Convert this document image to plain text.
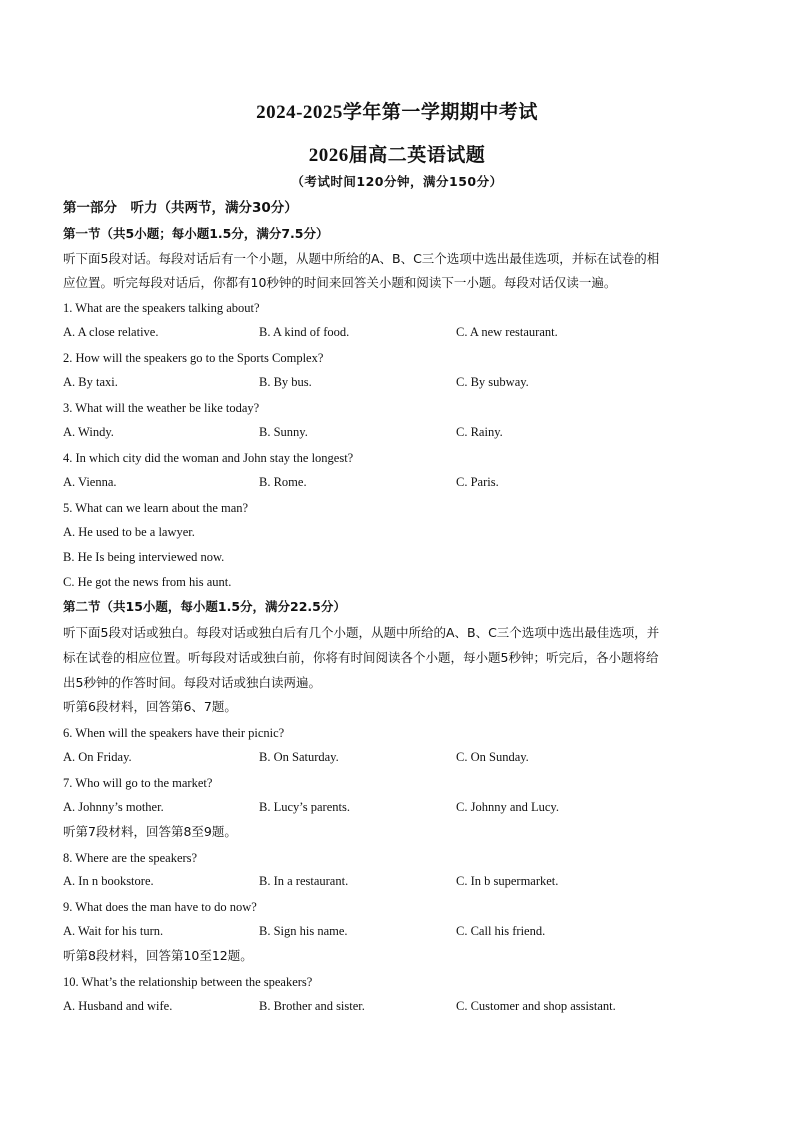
2024-2025学年第一学期期中考试
2026届高二英语试题
（考试时间120分钟，满分150分）
第一部分　听力（共两节，满分30分）
第一节（共5小题；每小题1.5分，满分7.5分）
听下面5段对话。每段对话后有一个小题，从题中所给的A、B、C三个选项中选出最佳选项，并标在试卷的相
应位置。听完每段对话后，你都有10秒钟的时间来回答关小题和阅读下一小题。每段对话仅读一遍。
1. What are the speakers talking about?
A. A close relative.	B. A kind of food.	C. A new restaurant.
2. How will the speakers go to the Sports Complex?
A. By taxi.	B. By bus.	C. By subway.
3. What will the weather be like today?
A. Windy.	B. Sunny.	C. Rainy.
4. In which city did the woman and John stay the longest?
A. Vienna.	B. Rome.	C. Paris.
5. What can we learn about the man?
A. He used to be a lawyer.
B. He Is being interviewed now.
C. He got the news from his aunt.
第二节（共15小题，每小题1.5分，满分22.5分）
听下面5段对话或独白。每段对话或独白后有几个小题，从题中所给的A、B、C三个选项中选出最佳选项，并
标在试卷的相应位置。听每段对话或独白前，你将有时间阅读各个小题，每小题5秒钟；听完后，各小题将给
出5秒钟的作答时间。每段对话或独白读两遍。
听第6段材料，回答第6、7题。
6. When will the speakers have their picnic?
A. On Friday.	B. On Saturday.	C. On Sunday.
7. Who will go to the market?
A. Johnny’s mother.	B. Lucy’s parents.	C. Johnny and Lucy.
听第7段材料，回答第8至9题。
8. Where are the speakers?
A. In n bookstore.	B. In a restaurant.	C. In b supermarket.
9. What does the man have to do now?
A. Wait for his turn.	B. Sign his name.	C. Call his friend.
听第8段材料，回答第10至12题。
10. What’s the relationship between the speakers?
A. Husband and wife.	B. Brother and sister.	C. Customer and shop assistant.
